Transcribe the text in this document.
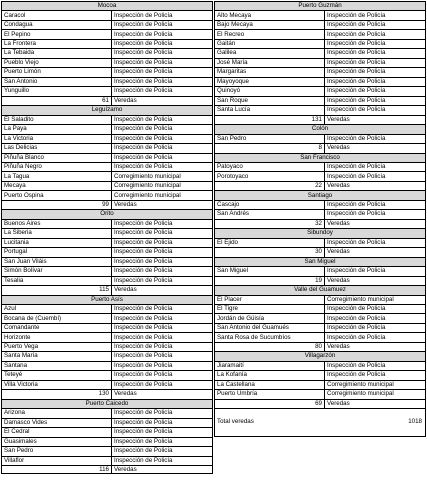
Mocoa
Caracol	Inspección de Policía
Condagua	Inspección de Policía
El Pepino	Inspección de Policía
La Frontera	Inspección de Policía
La Tebaida	Inspección de Policía
Pueblo Viejo	Inspección de Policía
Puerto Limón	Inspección de Policía
San Antonio	Inspección de Policía
Yunguillo	Inspección de Policía
61 Veredas
Leguízamo
El Saladito	Inspección de Policía
La Paya	Inspección de Policía
La Victoria	Inspección de Policía
Las Delicias	Inspección de Policía
Piñuña Blanco	Inspección de Policía
Piñuña Negro	Inspección de Policía
La Tagua	Corregimiento municipal
Mecaya	Corregimiento municipal
Puerto Ospina	Corregimiento municipal
99 Veredas
Orito
Buenos Aires	Inspección de Policía
La Siberia	Inspección de Policía
Lucitania	Inspección de Policía
Portugal	Inspección de Policía
San Juan Viláis	Inspección de Policía
Simón Bolívar	Inspección de Policía
Tesalia	Inspección de Policía
115 Veredas
Puerto Asís
Azul	Inspección de Policía
Bocana de (Cuembí)	Inspección de Policía
Comandante	Inspección de Policía
Horizonte	Inspección de Policía
Puerto Vega	Inspección de Policía
Santa María	Inspección de Policía
Santana	Inspección de Policía
Teteyé	Inspección de Policía
Villa Victoria	Inspección de Policía
130 Veredas
Puerto Caicedo
Arizona	Inspección de Policía
Damasco Vides	Inspección de Policía
El Cedral	Inspección de Policía
Guasimales	Inspección de Policía
San Pedro	Inspección de Policía
Villaflor	Inspección de Policía
116 Veredas
Puerto Guzmán
Alto Mecaya	Inspección de Policía
Bajo Mecaya	Inspección de Policía
El Recreo	Inspección de Policía
Gaitán	Inspección de Policía
Galilea	Inspección de Policía
José María	Inspección de Policía
Margaritas	Inspección de Policía
Mayoyoque	Inspección de Policía
Quinoyó	Inspección de Policía
San Roque	Inspección de Policía
Santa Lucía	Inspección de Policía
131 Veredas
Colón
San Pedro	Inspección de Policía
8 Veredas
San Francisco
Patoyaco	Inspección de Policía
Porotoyaco	Inspección de Policía
22 Veredas
Santiago
Cascajo	Inspección de Policía
San Andrés	Inspección de Policía
32 Veredas
Sibundoy
El Ejido	Inspección de Policía
30 Veredas
San Miguel
San Miguel	Inspección de Policía
19 Veredas
Valle del Guamuez
El Placer	Corregimiento municipal
El Tigre	Inspección de Policía
Jordán de Güisía	Inspección de Policía
San Antonio del Guamués	Inspección de Policía
Santa Rosa de Sucumbíos	Inspección de Policía
80 Veredas
Villagarzón
Jiaramaití	Inspección de Policía
La Kofanía	Inspección de Policía
La Castellana	Corregimiento municipal
Puerto Umbría	Corregimiento municipal
69 Veredas
Total veredas	1018
